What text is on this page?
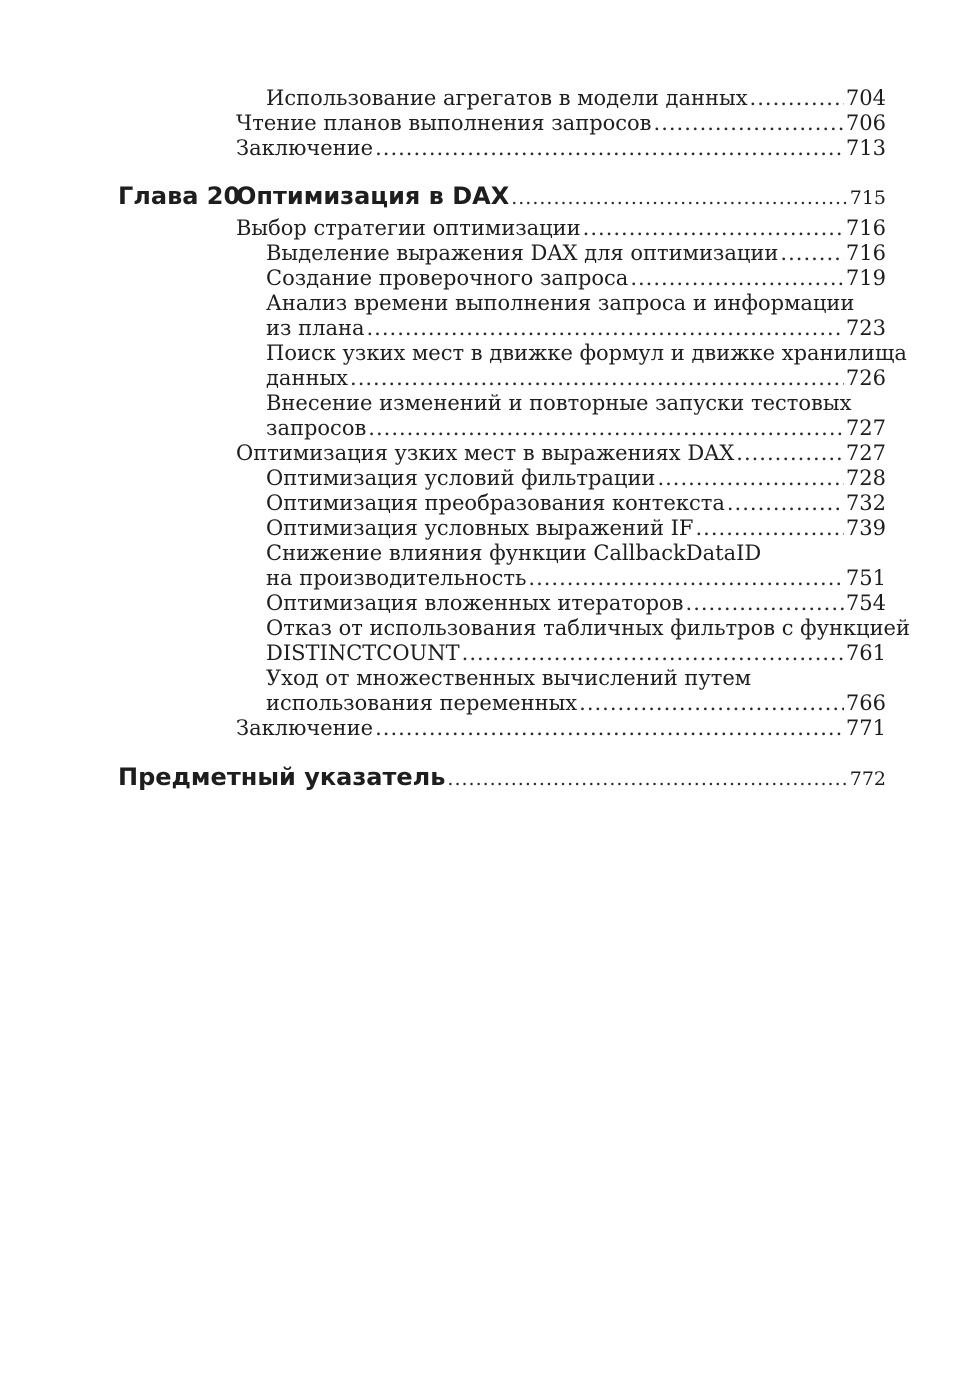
Использование агрегатов в модели данных .....	704
Чтение планов выполнения запросов .....	706
Заключение .....	713
Глава 20
Оптимизация в DAX .....	715
Выбор стратегии оптимизации .....	716
Выделение выражения DAX для оптимизации .....	716
Создание проверочного запроса .....	719
Анализ времени выполнения запроса и информации
из плана .....	723
Поиск узких мест в движке формул и движке хранилища
данных .....	726
Внесение изменений и повторные запуски тестовых
запросов .....	727
Оптимизация узких мест в выражениях DAX .....	727
Оптимизация условий фильтрации .....	728
Оптимизация преобразования контекста .....	732
Оптимизация условных выражений IF .....	739
Снижение влияния функции CallbackDataID
на производительность .....	751
Оптимизация вложенных итераторов .....	754
Отказ от использования табличных фильтров с функцией
DISTINCTCOUNT .....	761
Уход от множественных вычислений путем
использования переменных .....	766
Заключение .....	771
Предметный указатель .....	772
